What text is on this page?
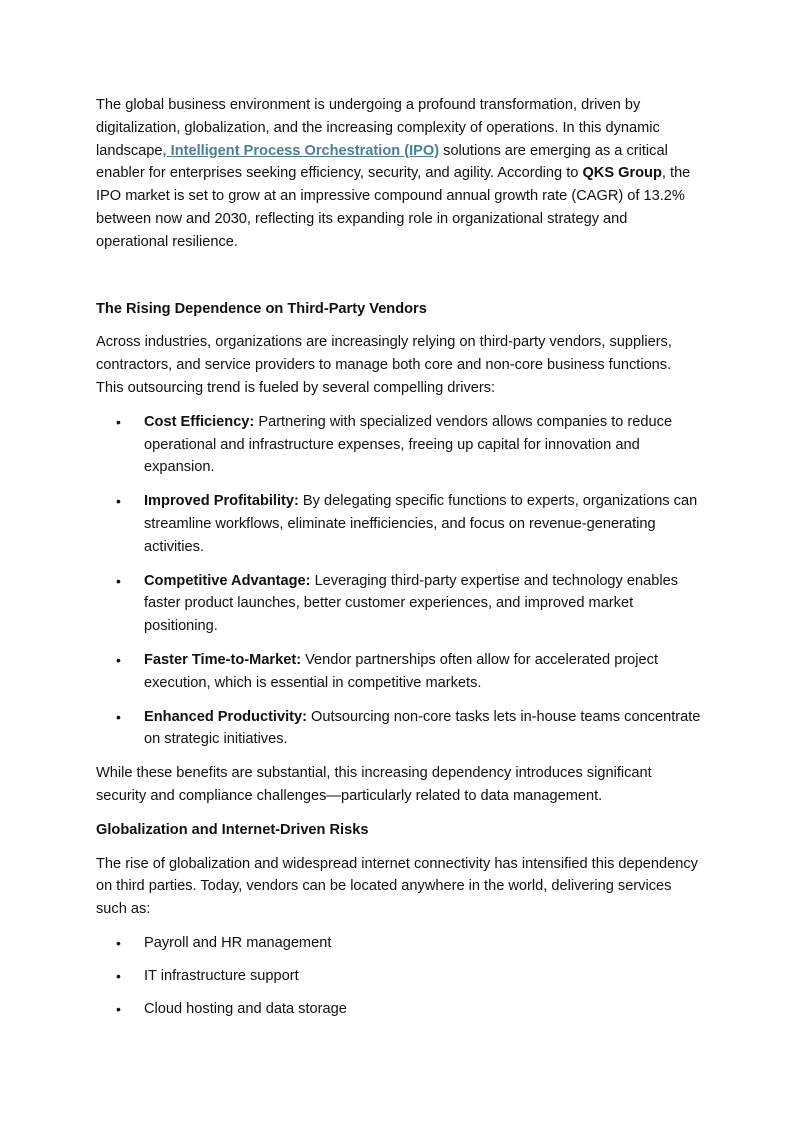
The global business environment is undergoing a profound transformation, driven by digitalization, globalization, and the increasing complexity of operations. In this dynamic landscape, Intelligent Process Orchestration (IPO) solutions are emerging as a critical enabler for enterprises seeking efficiency, security, and agility. According to QKS Group, the IPO market is set to grow at an impressive compound annual growth rate (CAGR) of 13.2% between now and 2030, reflecting its expanding role in organizational strategy and operational resilience.

The Rising Dependence on Third-Party Vendors

Across industries, organizations are increasingly relying on third-party vendors, suppliers, contractors, and service providers to manage both core and non-core business functions. This outsourcing trend is fueled by several compelling drivers:

• Cost Efficiency: Partnering with specialized vendors allows companies to reduce operational and infrastructure expenses, freeing up capital for innovation and expansion.
• Improved Profitability: By delegating specific functions to experts, organizations can streamline workflows, eliminate inefficiencies, and focus on revenue-generating activities.
• Competitive Advantage: Leveraging third-party expertise and technology enables faster product launches, better customer experiences, and improved market positioning.
• Faster Time-to-Market: Vendor partnerships often allow for accelerated project execution, which is essential in competitive markets.
• Enhanced Productivity: Outsourcing non-core tasks lets in-house teams concentrate on strategic initiatives.

While these benefits are substantial, this increasing dependency introduces significant security and compliance challenges—particularly related to data management.

Globalization and Internet-Driven Risks

The rise of globalization and widespread internet connectivity has intensified this dependency on third parties. Today, vendors can be located anywhere in the world, delivering services such as:

• Payroll and HR management
• IT infrastructure support
• Cloud hosting and data storage
